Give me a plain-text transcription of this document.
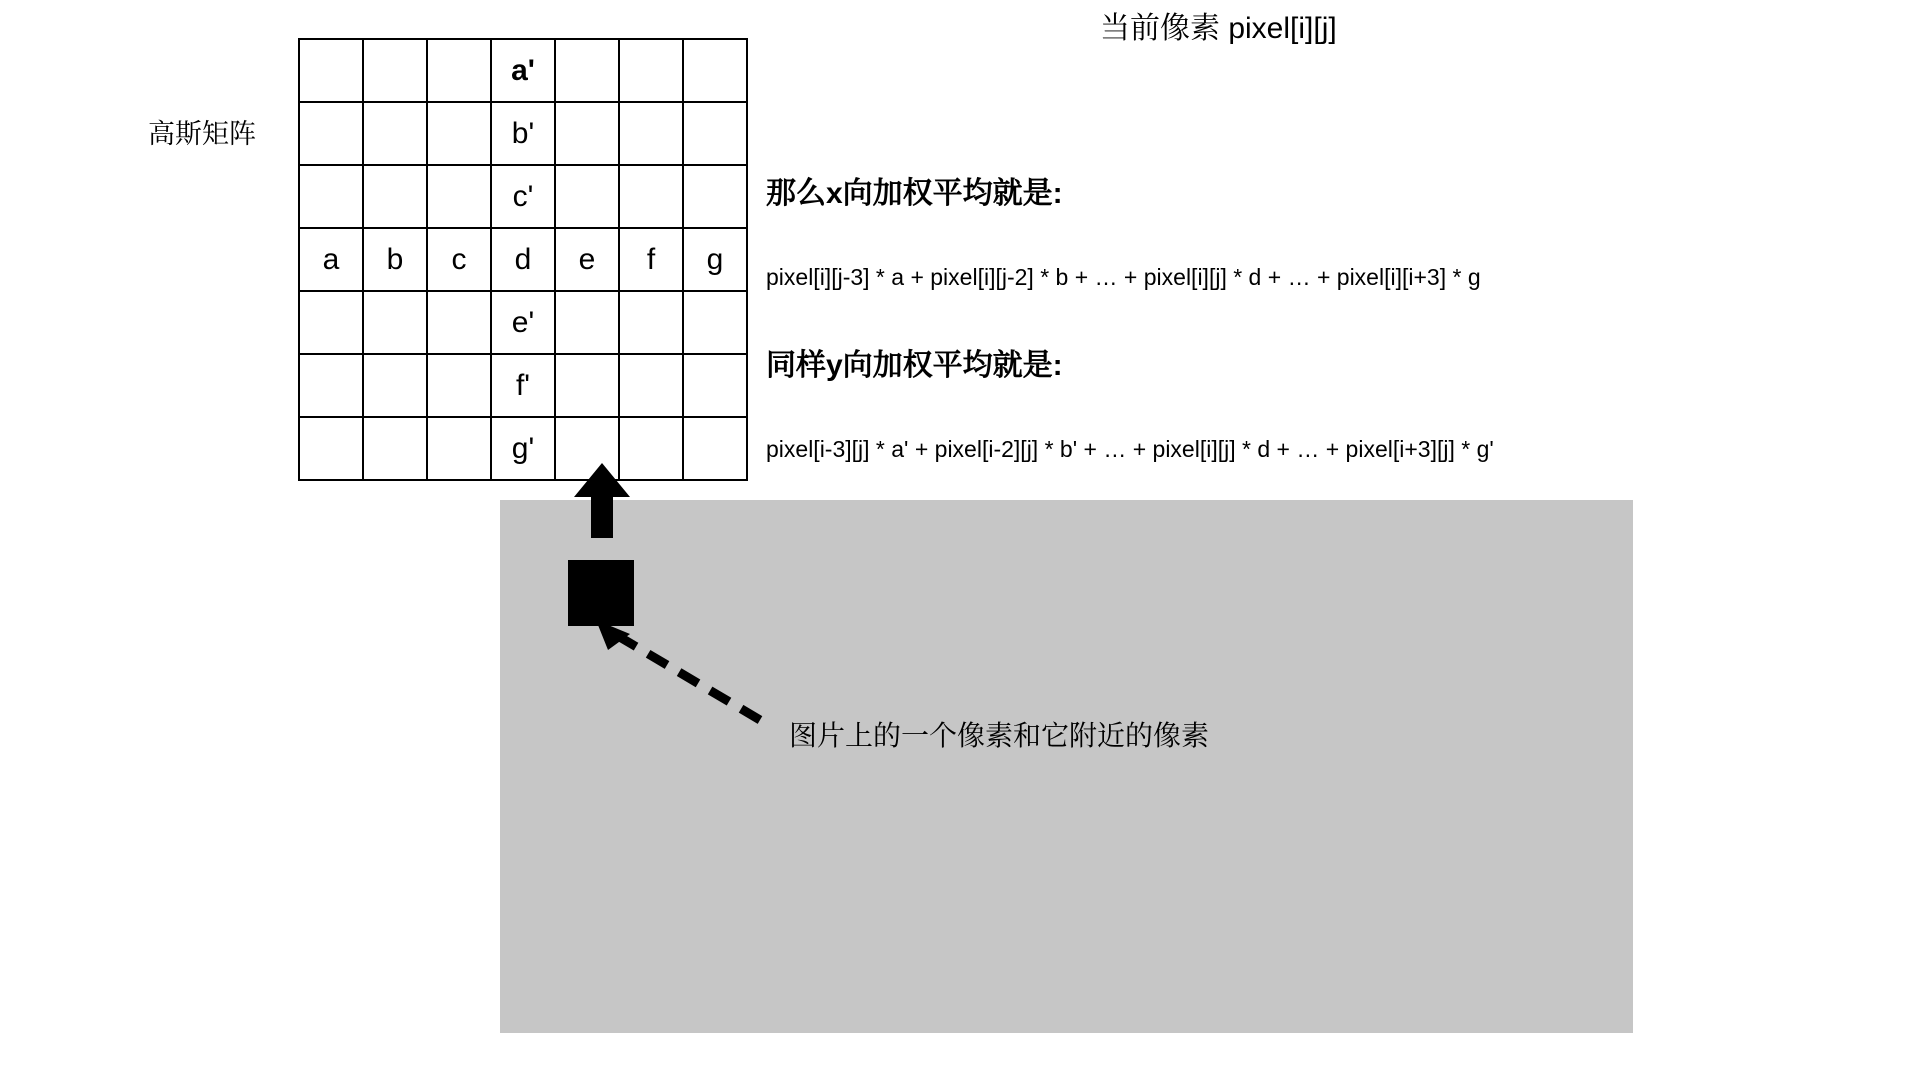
当前像素 pixel[i][j]
高斯矩阵
			a'			
			b'			
			c'			
a	b	c	d	e	f	g
			e'			
			f'			
			g'			
那么x向加权平均就是:
pixel[i][j-3] * a + pixel[i][j-2] * b + … + pixel[i][j] * d + … + pixel[i][i+3] * g
同样y向加权平均就是:
pixel[i-3][j] * a' + pixel[i-2][j] * b' + … + pixel[i][j] * d + … + pixel[i+3][j] * g'
图片上的一个像素和它附近的像素
